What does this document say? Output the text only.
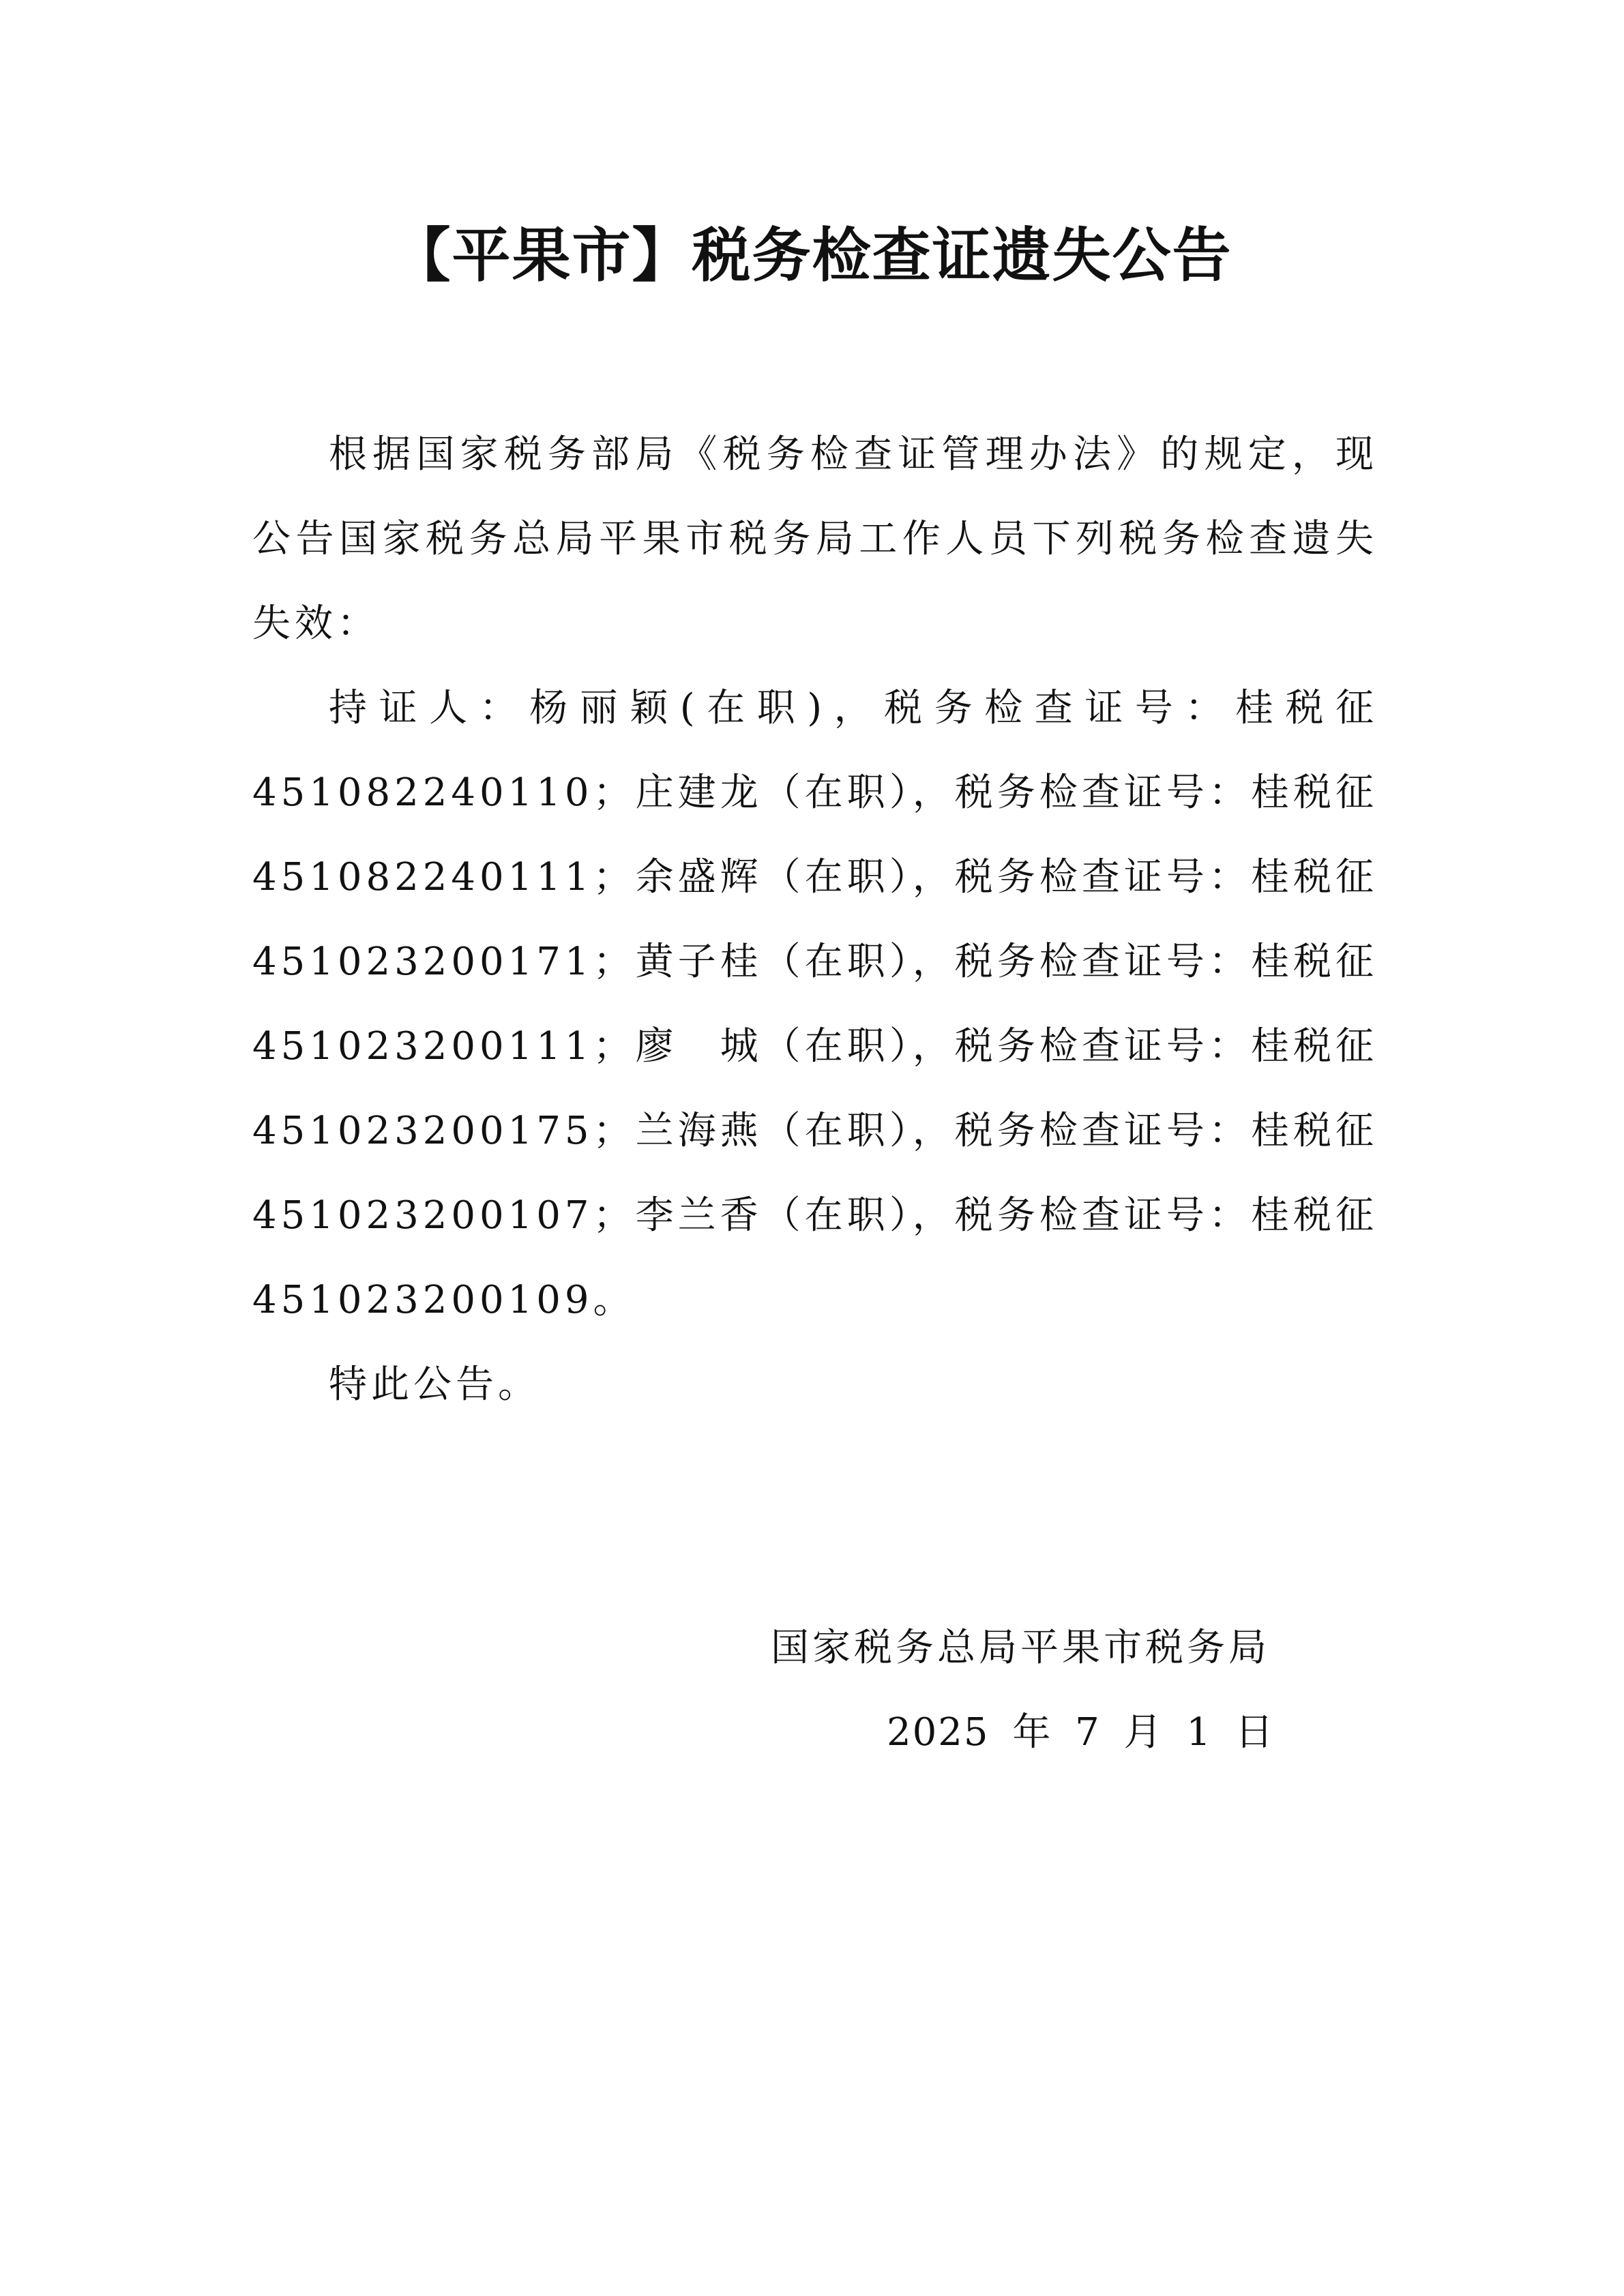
【平果市】税务检查证遗失公告

根据国家税务部局《税务检查证管理办法》的规定，现公告国家税务总局平果市税务局工作人员下列税务检查遗失失效：

持证人：杨丽颖(在职)，税务检查证号：桂税征451082240110；庄建龙（在职），税务检查证号：桂税征451082240111；余盛辉（在职），税务检查证号：桂税征451023200171；黄子桂（在职），税务检查证号：桂税征451023200111；廖　城（在职），税务检查证号：桂税征451023200175；兰海燕（在职），税务检查证号：桂税征451023200107；李兰香（在职），税务检查证号：桂税征451023200109。

特此公告。

国家税务总局平果市税务局
2025 年 7 月 1 日
